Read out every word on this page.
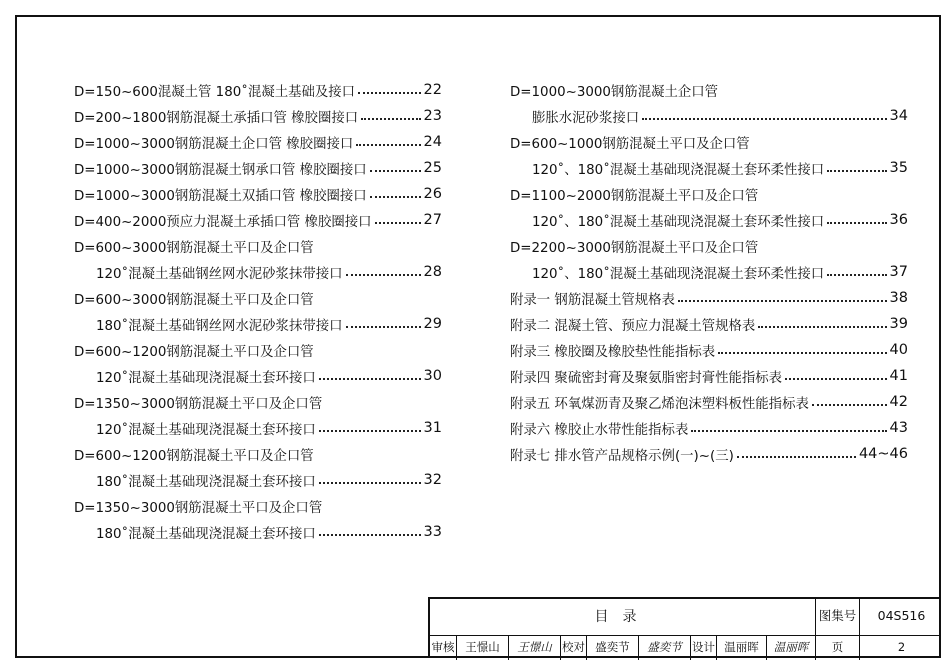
D=150~600混凝土管 180˚混凝土基础及接口	22
D=200~1800钢筋混凝土承插口管 橡胶圈接口	23
D=1000~3000钢筋混凝土企口管 橡胶圈接口	24
D=1000~3000钢筋混凝土钢承口管 橡胶圈接口	25
D=1000~3000钢筋混凝土双插口管 橡胶圈接口	26
D=400~2000预应力混凝土承插口管 橡胶圈接口	27
D=600~3000钢筋混凝土平口及企口管
120˚混凝土基础钢丝网水泥砂浆抹带接口	28
D=600~3000钢筋混凝土平口及企口管
180˚混凝土基础钢丝网水泥砂浆抹带接口	29
D=600~1200钢筋混凝土平口及企口管
120˚混凝土基础现浇混凝土套环接口	30
D=1350~3000钢筋混凝土平口及企口管
120˚混凝土基础现浇混凝土套环接口	31
D=600~1200钢筋混凝土平口及企口管
180˚混凝土基础现浇混凝土套环接口	32
D=1350~3000钢筋混凝土平口及企口管
180˚混凝土基础现浇混凝土套环接口	33
D=1000~3000钢筋混凝土企口管
膨胀水泥砂浆接口	34
D=600~1000钢筋混凝土平口及企口管
120˚、180˚混凝土基础现浇混凝土套环柔性接口	35
D=1100~2000钢筋混凝土平口及企口管
120˚、180˚混凝土基础现浇混凝土套环柔性接口	36
D=2200~3000钢筋混凝土平口及企口管
120˚、180˚混凝土基础现浇混凝土套环柔性接口	37
附录一 钢筋混凝土管规格表	38
附录二 混凝土管、预应力混凝土管规格表	39
附录三 橡胶圈及橡胶垫性能指标表	40
附录四 聚硫密封膏及聚氨脂密封膏性能指标表	41
附录五 环氧煤沥青及聚乙烯泡沫塑料板性能指标表	42
附录六 橡胶止水带性能指标表	43
附录七 排水管产品规格示例(一)~(三)	44~46
目录	图集号	04S516
审核 王憬山	王憬山 校对 盛奕节	盛奕节 设计 温丽晖	温丽晖	页	2
